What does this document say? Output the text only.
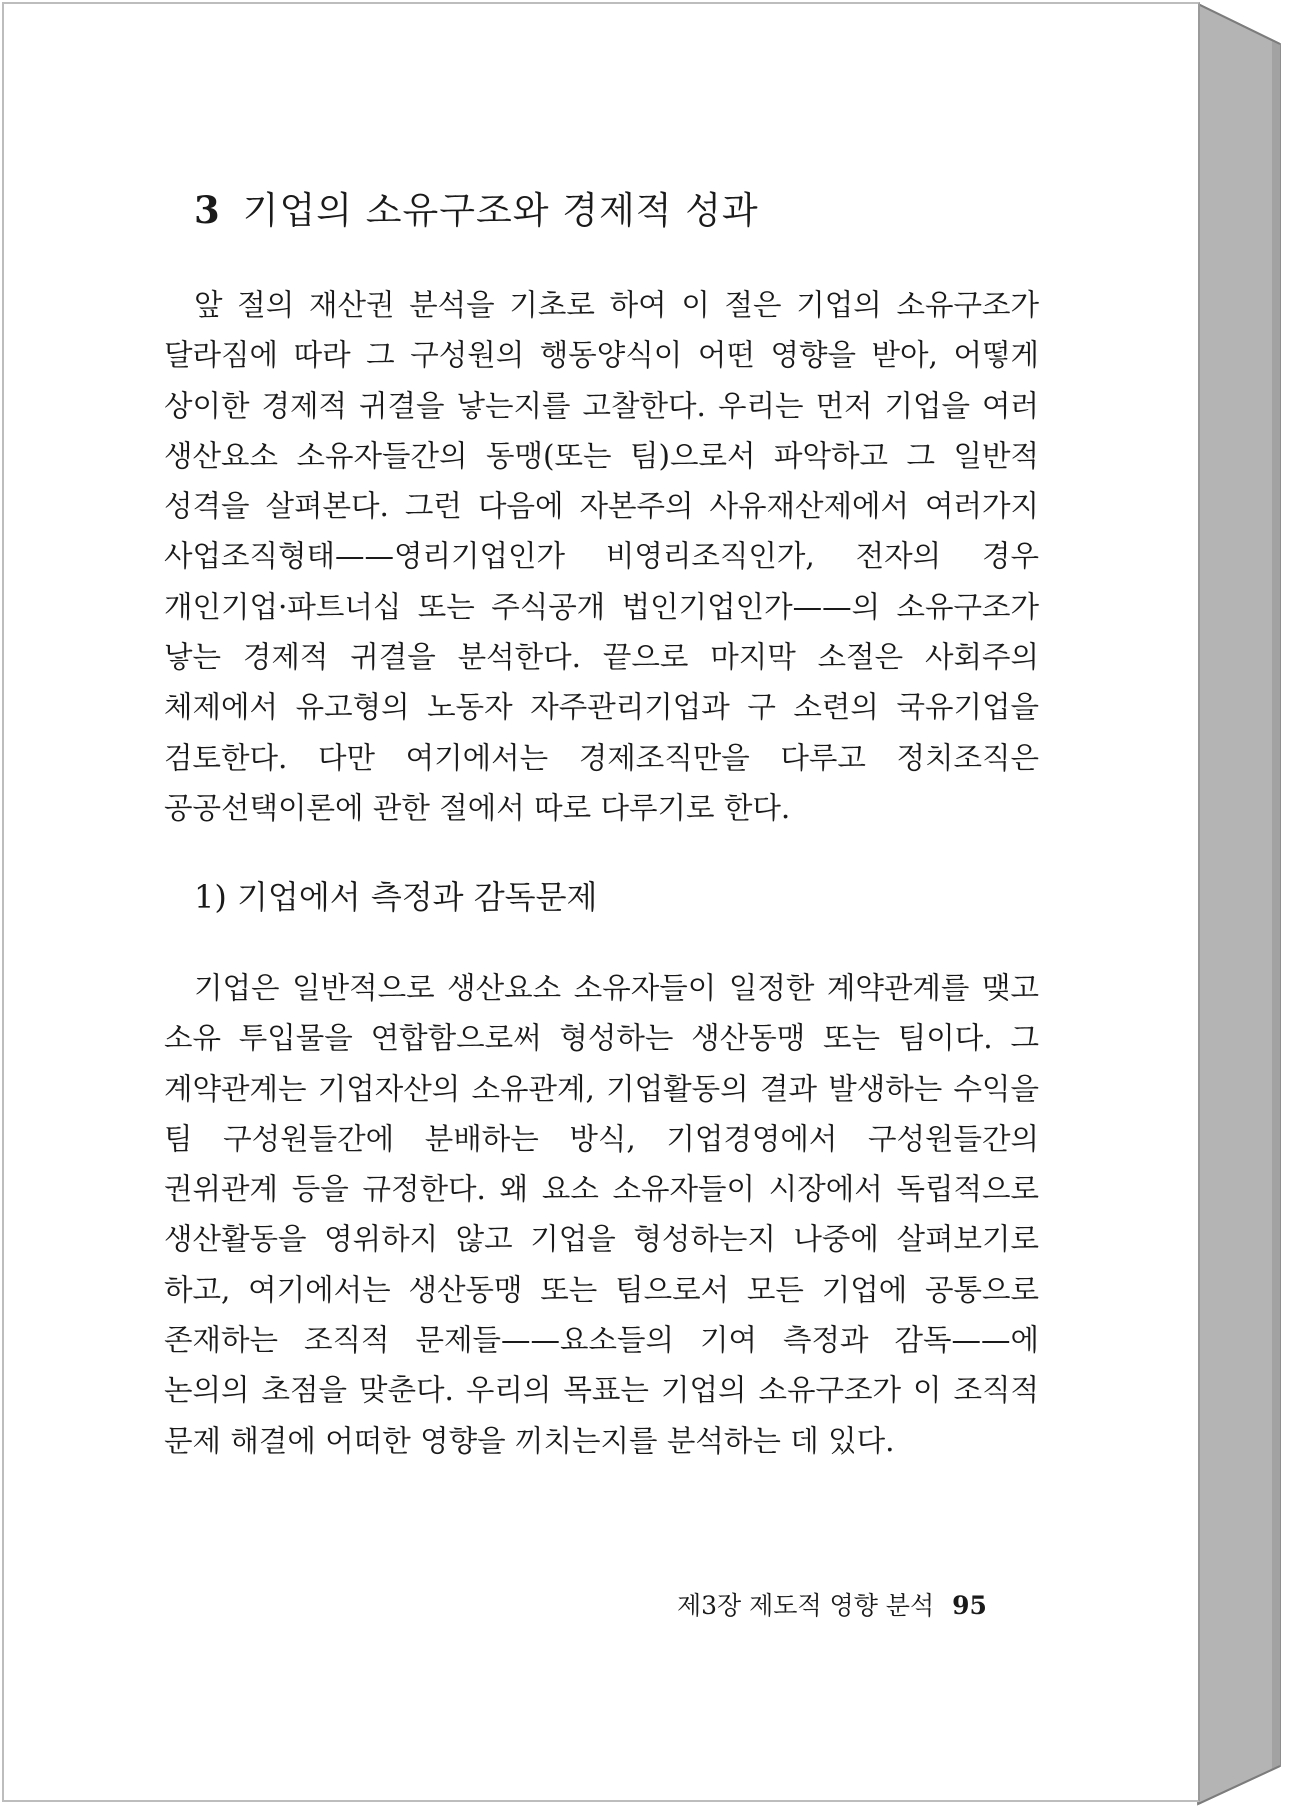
3 기업의 소유구조와 경제적 성과

앞 절의 재산권 분석을 기초로 하여 이 절은 기업의 소유구조가 달라짐에 따라 그 구성원의 행동양식이 어떤 영향을 받아, 어떻게 상이한 경제적 귀결을 낳는지를 고찰한다. 우리는 먼저 기업을 여러 생산요소 소유자들간의 동맹(또는 팀)으로서 파악하고 그 일반적 성격을 살펴본다. 그런 다음에 자본주의 사유재산제에서 여러가지 사업조직형태——영리기업인가 비영리조직인가, 전자의 경우 개인기업·파트너십 또는 주식공개 법인기업인가——의 소유구조가 낳는 경제적 귀결을 분석한다. 끝으로 마지막 소절은 사회주의 체제에서 유고형의 노동자 자주관리기업과 구 소련의 국유기업을 검토한다. 다만 여기에서는 경제조직만을 다루고 정치조직은 공공선택이론에 관한 절에서 따로 다루기로 한다.

1) 기업에서 측정과 감독문제

기업은 일반적으로 생산요소 소유자들이 일정한 계약관계를 맺고 소유 투입물을 연합함으로써 형성하는 생산동맹 또는 팀이다. 그 계약관계는 기업자산의 소유관계, 기업활동의 결과 발생하는 수익을 팀 구성원들간에 분배하는 방식, 기업경영에서 구성원들간의 권위관계 등을 규정한다. 왜 요소 소유자들이 시장에서 독립적으로 생산활동을 영위하지 않고 기업을 형성하는지 나중에 살펴보기로 하고, 여기에서는 생산동맹 또는 팀으로서 모든 기업에 공통으로 존재하는 조직적 문제들——요소들의 기여 측정과 감독——에 논의의 초점을 맞춘다. 우리의 목표는 기업의 소유구조가 이 조직적 문제 해결에 어떠한 영향을 끼치는지를 분석하는 데 있다.

제3장 제도적 영향 분석 95
